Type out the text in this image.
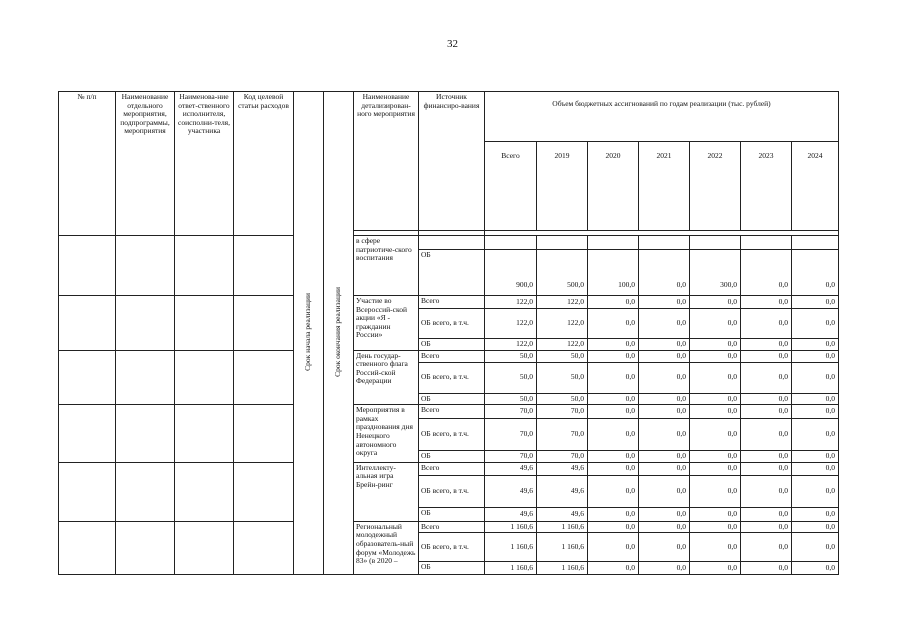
32
№ п/п	Наименование отдельного мероприятия, подпрограммы, мероприятия	Наименова-ние ответ-ственного исполнителя, соисполни-теля, участника	Код целевой статьи расходов	Срок начала реализации	Срок окончания реализации	Наименование детализирован-ного мероприятия	Источник финансиро-вания	Объем бюджетных ассигнований по годам реализации (тыс. рублей)						
								Всего	2019	2020	2021	2022	2023	2024

						в сфере патриотиче-ского воспитания								
							ОБ	900,0	500,0	100,0	0,0	300,0	0,0	0,0
						Участие во Всероссий-ской акции «Я - гражданин России»	Всего	122,0	122,0	0,0	0,0	0,0	0,0	0,0
							ОБ всего, в т.ч.	122,0	122,0	0,0	0,0	0,0	0,0	0,0
							ОБ	122,0	122,0	0,0	0,0	0,0	0,0	0,0
						День государ-ственного флага Россий-ской Федерации	Всего	50,0	50,0	0,0	0,0	0,0	0,0	0,0
							ОБ всего, в т.ч.	50,0	50,0	0,0	0,0	0,0	0,0	0,0
							ОБ	50,0	50,0	0,0	0,0	0,0	0,0	0,0
						Мероприятия в рамках празднования дня Ненецкого автономного округа	Всего	70,0	70,0	0,0	0,0	0,0	0,0	0,0
							ОБ всего, в т.ч.	70,0	70,0	0,0	0,0	0,0	0,0	0,0
							ОБ	70,0	70,0	0,0	0,0	0,0	0,0	0,0
						Интеллекту-альная игра Брейн-ринг	Всего	49,6	49,6	0,0	0,0	0,0	0,0	0,0
							ОБ всего, в т.ч.	49,6	49,6	0,0	0,0	0,0	0,0	0,0
							ОБ	49,6	49,6	0,0	0,0	0,0	0,0	0,0
						Региональный молодежный образователь-ный форум «Молодежь 83» (в 2020 –	Всего	1 160,6	1 160,6	0,0	0,0	0,0	0,0	0,0
							ОБ всего, в т.ч.	1 160,6	1 160,6	0,0	0,0	0,0	0,0	0,0
							ОБ	1 160,6	1 160,6	0,0	0,0	0,0	0,0	0,0
